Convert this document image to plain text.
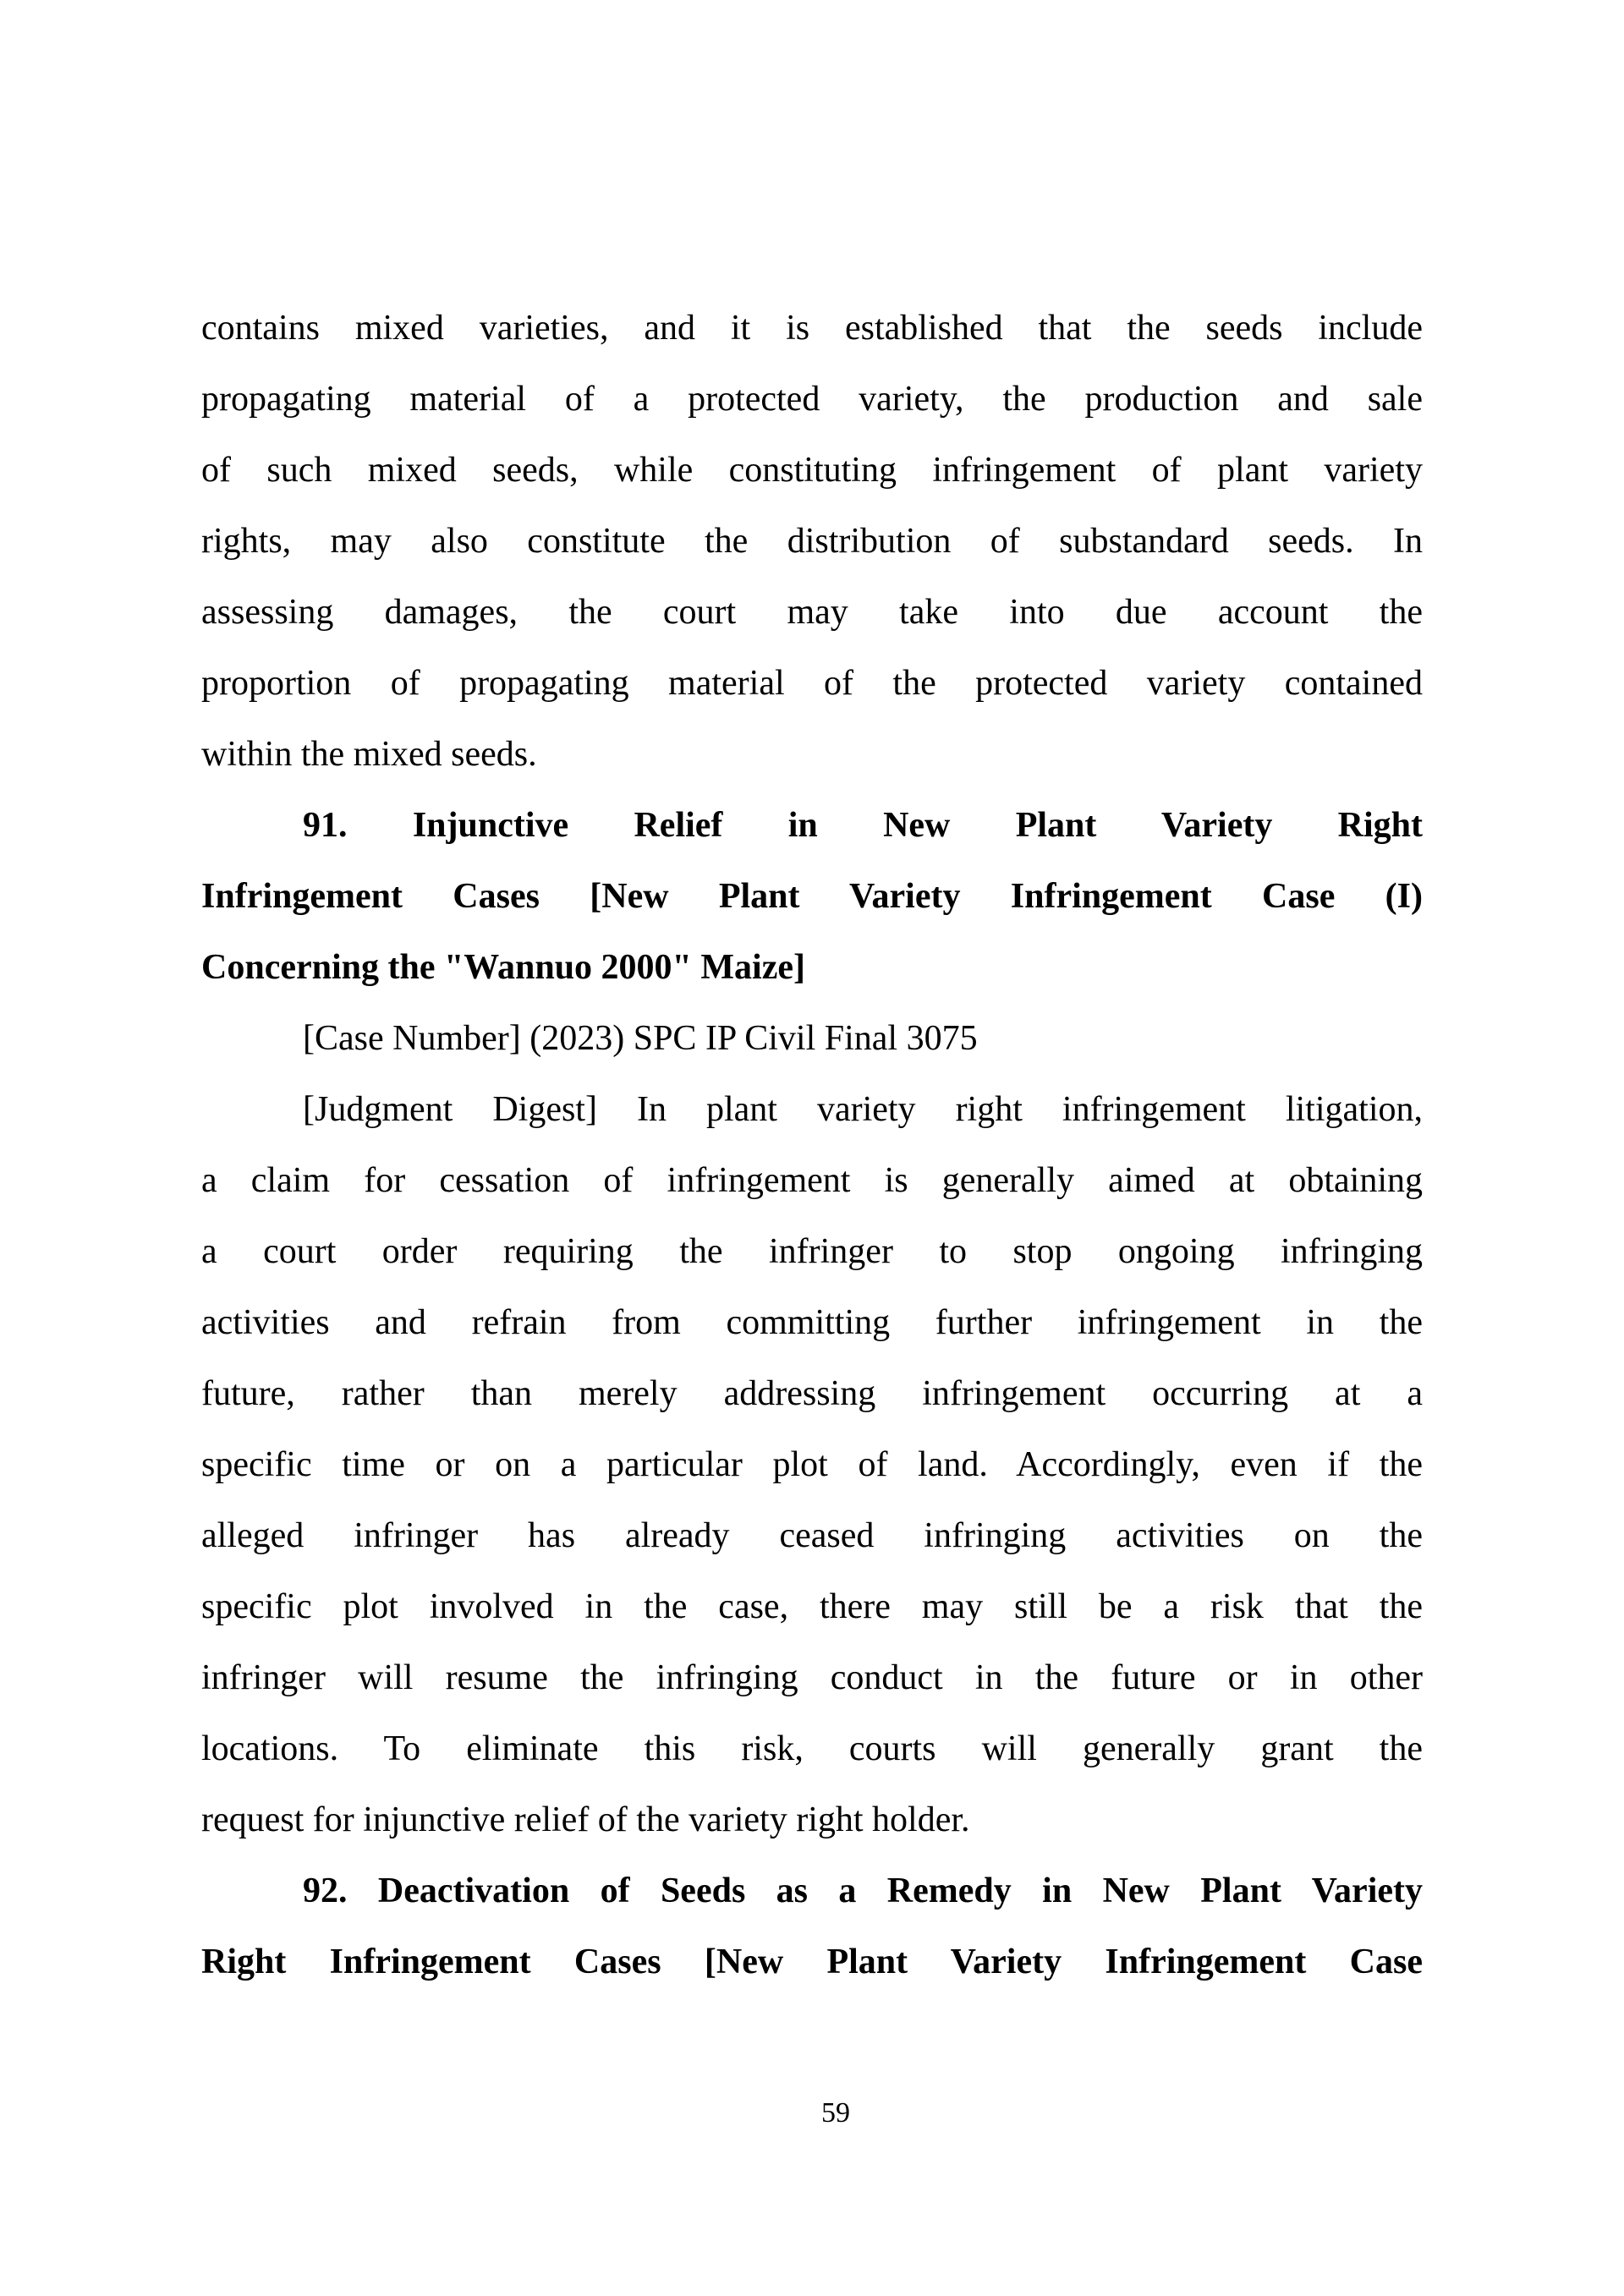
contains mixed varieties, and it is established that the seeds include
propagating material of a protected variety, the production and sale
of such mixed seeds, while constituting infringement of plant variety
rights, may also constitute the distribution of substandard seeds. In
assessing damages, the court may take into due account the
proportion of propagating material of the protected variety contained
within the mixed seeds.
91. Injunctive Relief in New Plant Variety Right
Infringement Cases [New Plant Variety Infringement Case (I)
Concerning the "Wannuo 2000" Maize]
[Case Number] (2023) SPC IP Civil Final 3075
[Judgment Digest] In plant variety right infringement litigation,
a claim for cessation of infringement is generally aimed at obtaining
a court order requiring the infringer to stop ongoing infringing
activities and refrain from committing further infringement in the
future, rather than merely addressing infringement occurring at a
specific time or on a particular plot of land. Accordingly, even if the
alleged infringer has already ceased infringing activities on the
specific plot involved in the case, there may still be a risk that the
infringer will resume the infringing conduct in the future or in other
locations. To eliminate this risk, courts will generally grant the
request for injunctive relief of the variety right holder.
92. Deactivation of Seeds as a Remedy in New Plant Variety
Right Infringement Cases [New Plant Variety Infringement Case
59
